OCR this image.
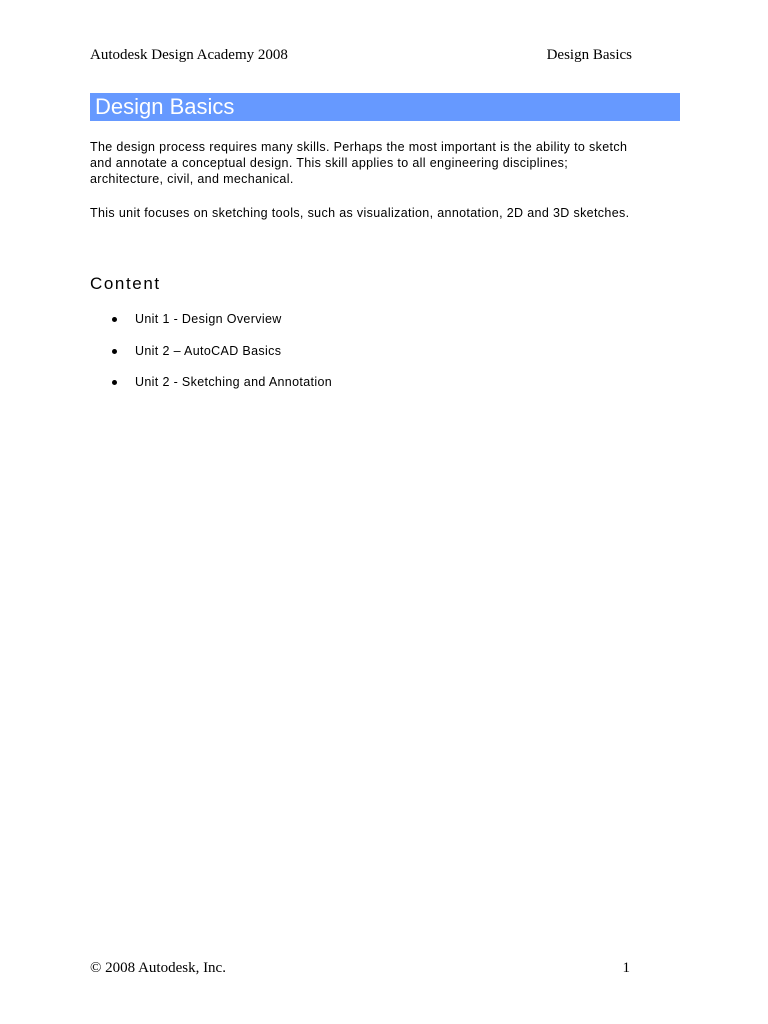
Autodesk Design Academy 2008	Design Basics
Design Basics
The design process requires many skills. Perhaps the most important is the ability to sketch
and annotate a conceptual design. This skill applies to all engineering disciplines;
architecture, civil, and mechanical.
This unit focuses on sketching tools, such as visualization, annotation, 2D and 3D sketches.
Content
Unit 1 - Design Overview
Unit 2 – AutoCAD Basics
Unit 2 - Sketching and Annotation
© 2008 Autodesk, Inc.	1
